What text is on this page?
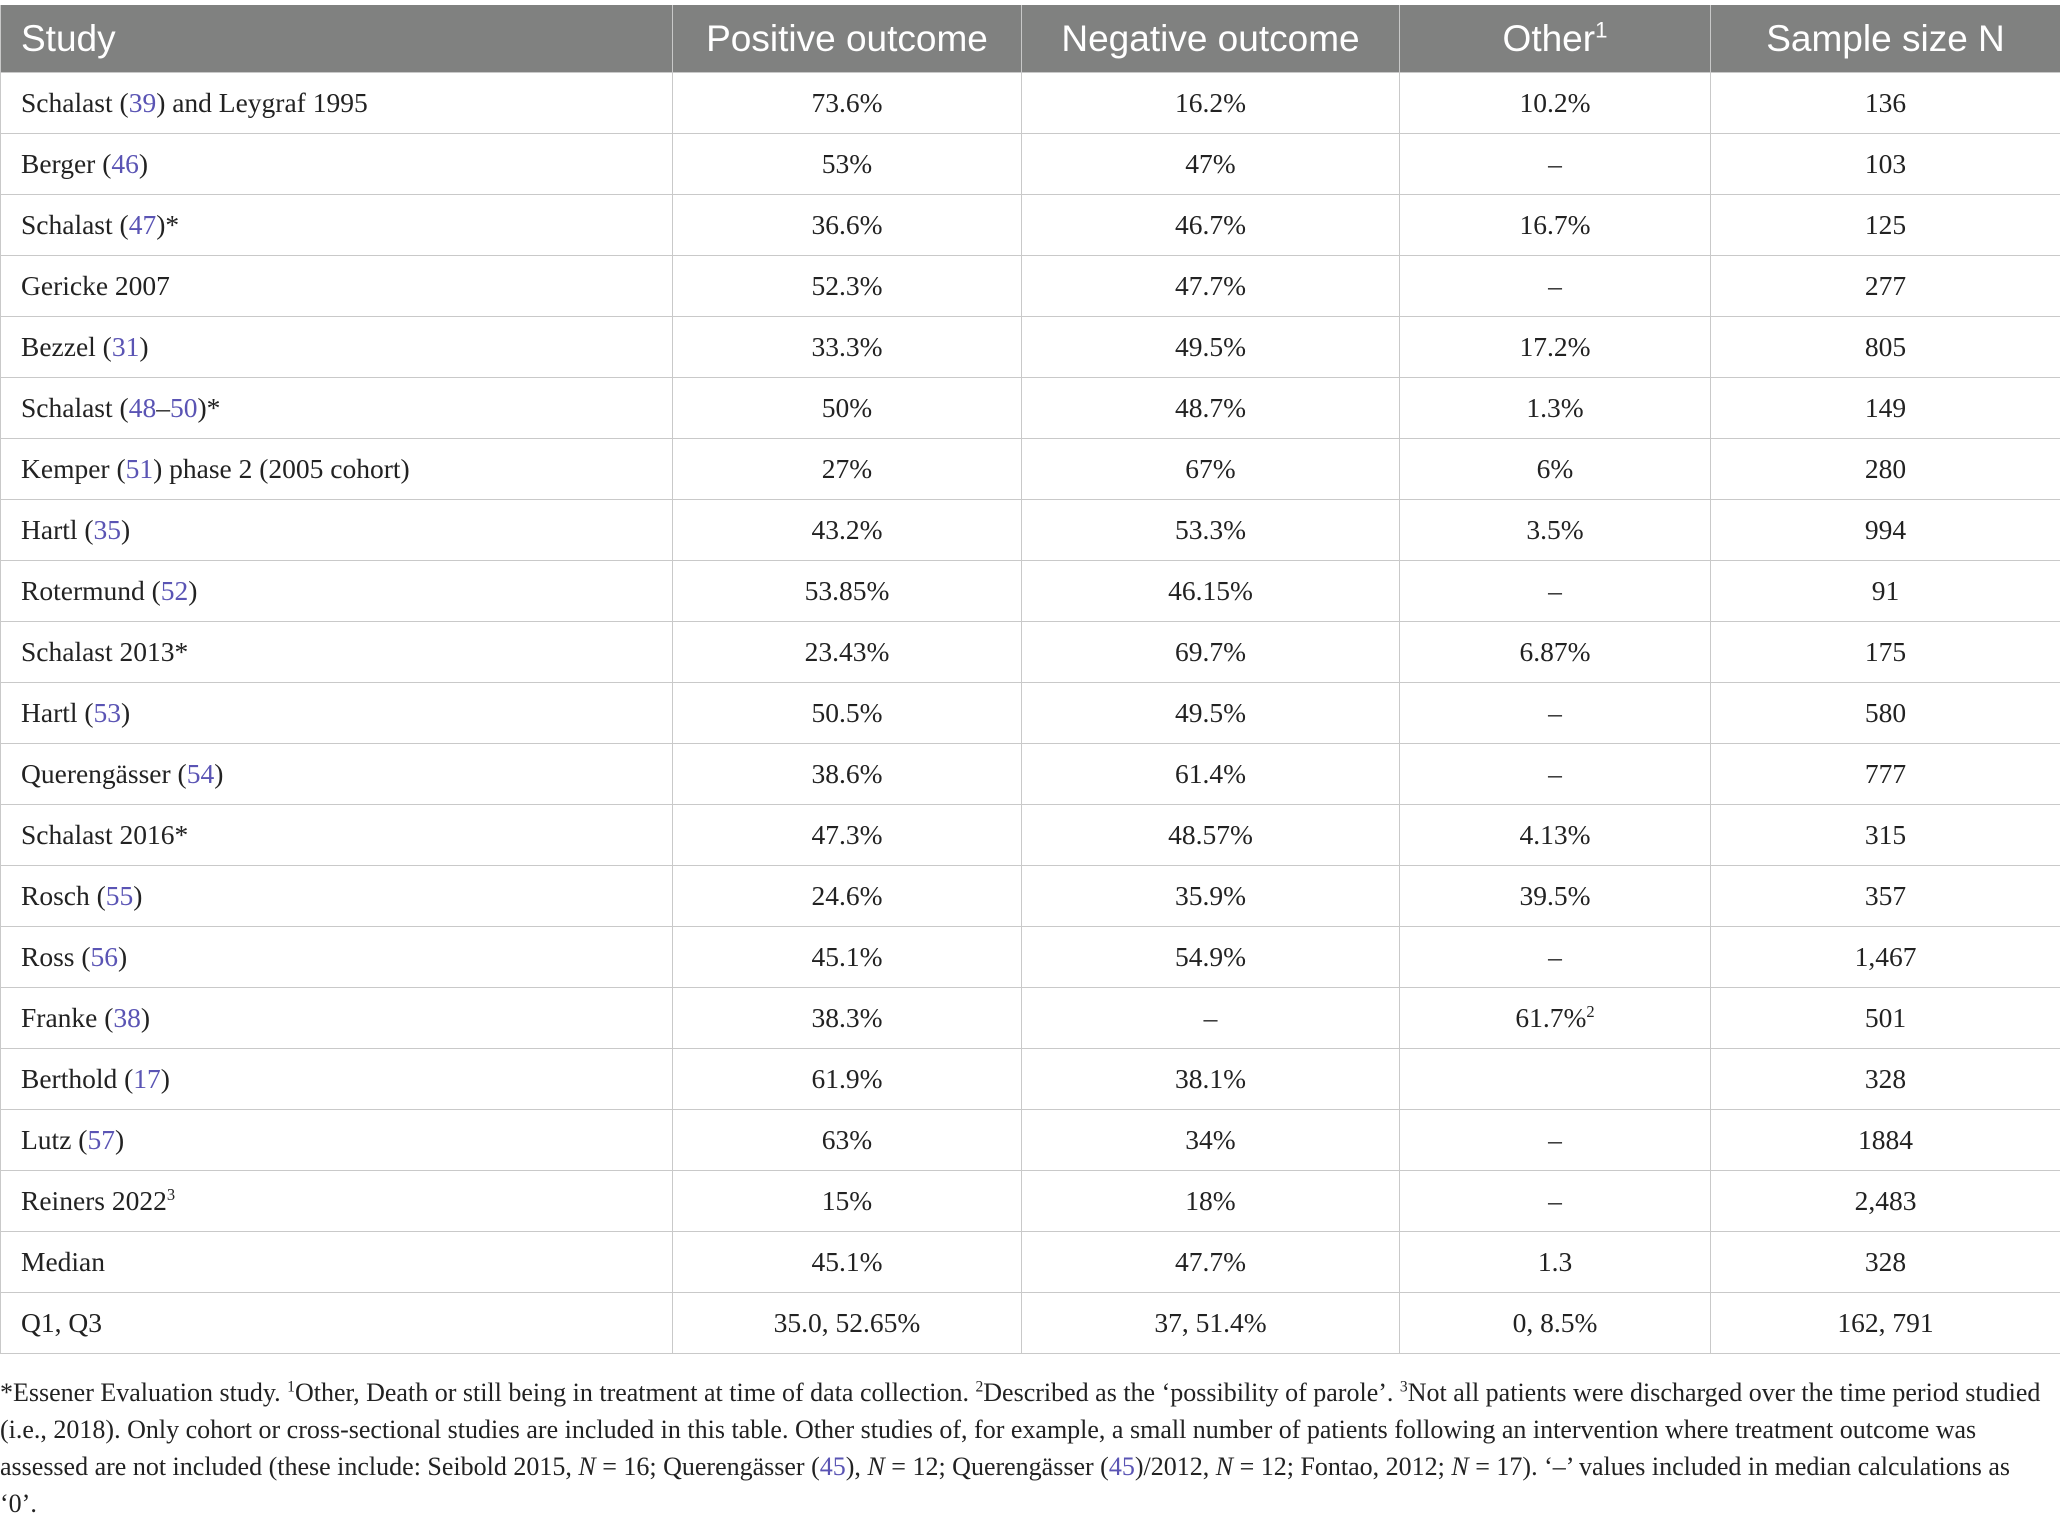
Study	Positive outcome	Negative outcome	Other$^1$	Sample size N
Schalast (39) and Leygraf 1995	73.6%	16.2%	10.2%	136
Berger (46)	53%	47%	–	103
Schalast (47)*	36.6%	46.7%	16.7%	125
Gericke 2007	52.3%	47.7%	–	277
Bezzel (31)	33.3%	49.5%	17.2%	805
Schalast (48–50)*	50%	48.7%	1.3%	149
Kemper (51) phase 2 (2005 cohort)	27%	67%	6%	280
Hartl (35)	43.2%	53.3%	3.5%	994
Rotermund (52)	53.85%	46.15%	–	91
Schalast 2013*	23.43%	69.7%	6.87%	175
Hartl (53)	50.5%	49.5%	–	580
Querengässer (54)	38.6%	61.4%	–	777
Schalast 2016*	47.3%	48.57%	4.13%	315
Rosch (55)	24.6%	35.9%	39.5%	357
Ross (56)	45.1%	54.9%	–	1,467
Franke (38)	38.3%	–	61.7%$^2$	501
Berthold (17)	61.9%	38.1%		328
Lutz (57)	63%	34%	–	1884
Reiners 2022$^3$	15%	18%	–	2,483
Median	45.1%	47.7%	1.3	328
Q1, Q3	35.0, 52.65%	37, 51.4%	0, 8.5%	162, 791
*Essener Evaluation study. $^1$Other, Death or still being in treatment at time of data collection. $^2$Described as the ‘possibility of parole’. $^3$Not all patients were discharged over the time period studied (i.e., 2018). Only cohort or cross-sectional studies are included in this table. Other studies of, for example, a small number of patients following an intervention where treatment outcome was assessed are not included (these include: Seibold 2015, N = 16; Querengässer (45), N = 12; Querengässer (45)/2012, N = 12; Fontao, 2012; N = 17). ‘–’ values included in median calculations as ‘0’.
